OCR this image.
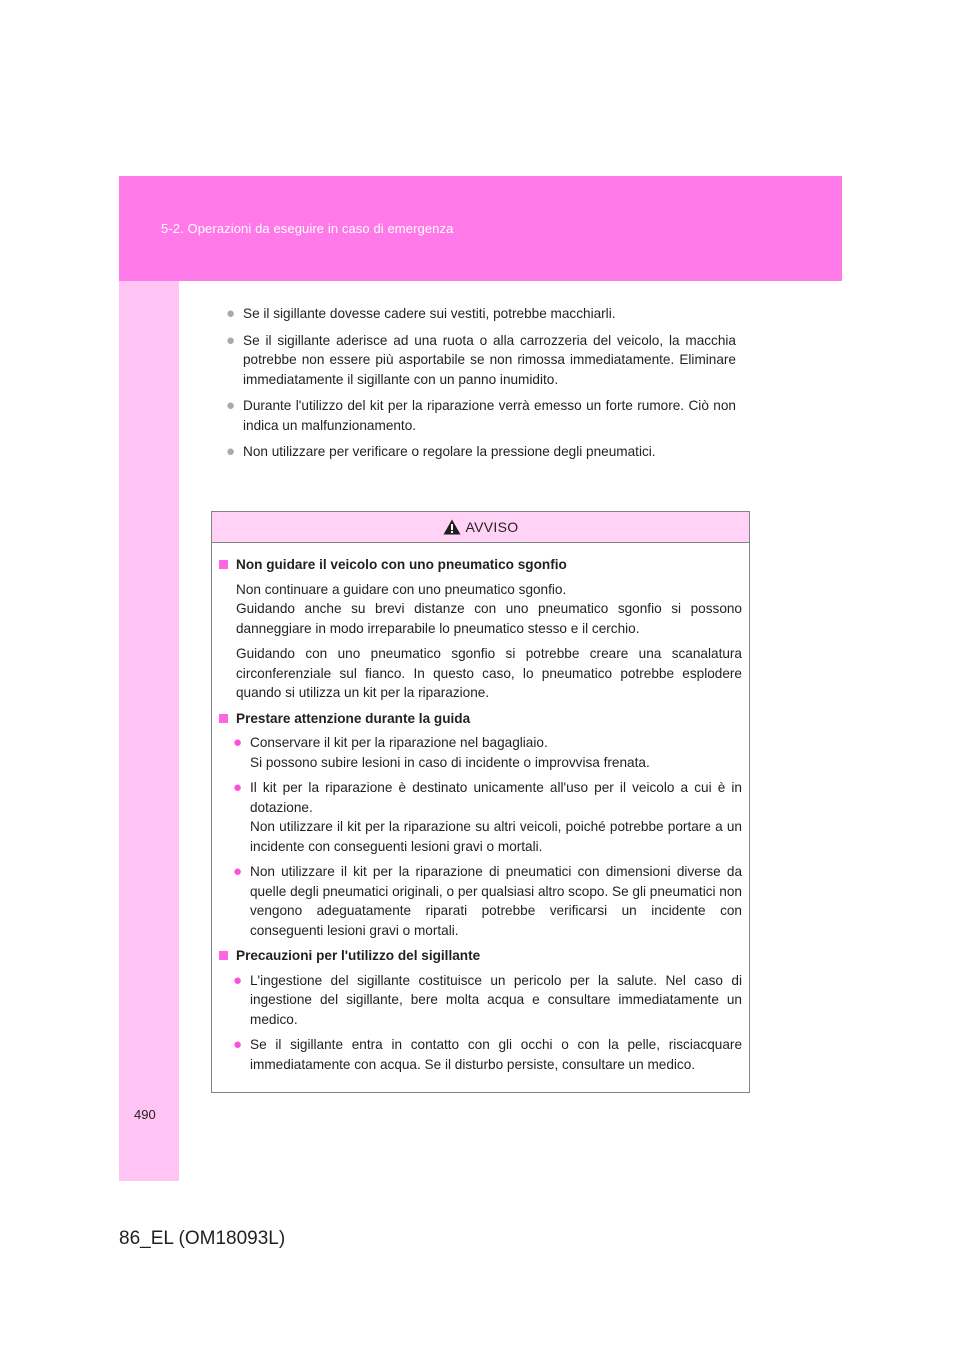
5-2. Operazioni da eseguire in caso di emergenza
● Se il sigillante dovesse cadere sui vestiti, potrebbe macchiarli.
● Se il sigillante aderisce ad una ruota o alla carrozzeria del veicolo, la macchia potrebbe non essere più asportabile se non rimossa immediatamente. Eliminare immediatamente il sigillante con un panno inumidito.
● Durante l'utilizzo del kit per la riparazione verrà emesso un forte rumore. Ciò non indica un malfunzionamento.
● Non utilizzare per verificare o regolare la pressione degli pneumatici.
AVVISO
Non guidare il veicolo con uno pneumatico sgonfio
Non continuare a guidare con uno pneumatico sgonfio.
Guidando anche su brevi distanze con uno pneumatico sgonfio si possono danneggiare in modo irreparabile lo pneumatico stesso e il cerchio.
Guidando con uno pneumatico sgonfio si potrebbe creare una scanalatura circonferenziale sul fianco. In questo caso, lo pneumatico potrebbe esplodere quando si utilizza un kit per la riparazione.
Prestare attenzione durante la guida
● Conservare il kit per la riparazione nel bagagliaio.
Si possono subire lesioni in caso di incidente o improvvisa frenata.
● Il kit per la riparazione è destinato unicamente all'uso per il veicolo a cui è in dotazione.
Non utilizzare il kit per la riparazione su altri veicoli, poiché potrebbe portare a un incidente con conseguenti lesioni gravi o mortali.
● Non utilizzare il kit per la riparazione di pneumatici con dimensioni diverse da quelle degli pneumatici originali, o per qualsiasi altro scopo. Se gli pneumatici non vengono adeguatamente riparati potrebbe verificarsi un incidente con conseguenti lesioni gravi o mortali.
Precauzioni per l'utilizzo del sigillante
● L'ingestione del sigillante costituisce un pericolo per la salute. Nel caso di ingestione del sigillante, bere molta acqua e consultare immediatamente un medico.
● Se il sigillante entra in contatto con gli occhi o con la pelle, risciacquare immediatamente con acqua. Se il disturbo persiste, consultare un medico.
490
86_EL (OM18093L)
